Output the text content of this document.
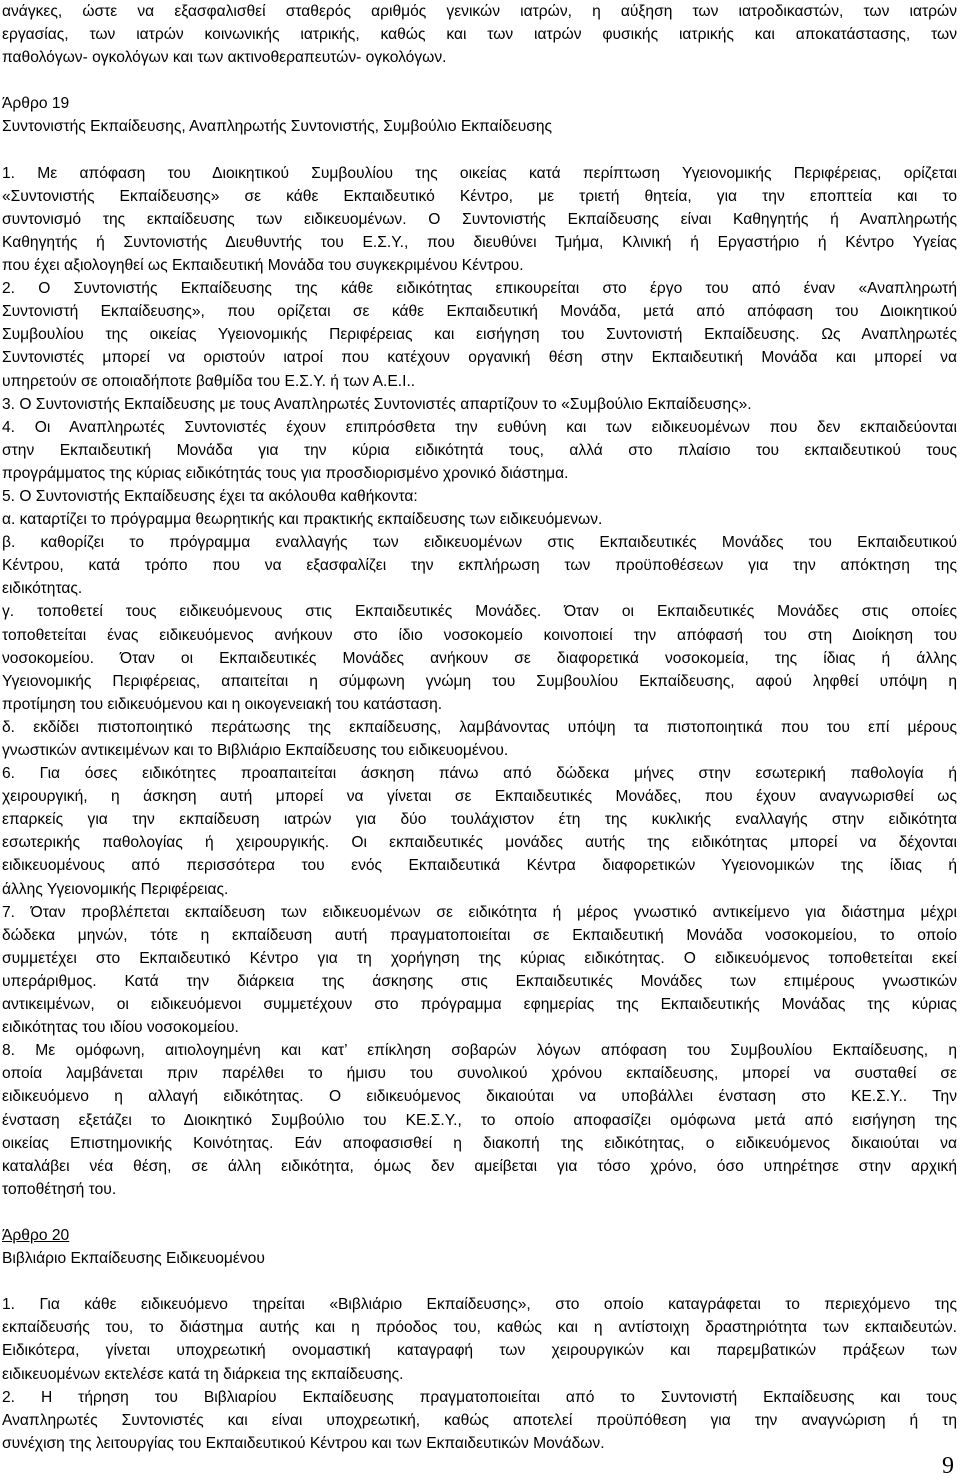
ανάγκες, ώστε να εξασφαλισθεί σταθερός αριθμός γενικών ιατρών, η αύξηση των ιατροδικαστών, των ιατρών
εργασίας, των ιατρών κοινωνικής ιατρικής, καθώς και των ιατρών φυσικής ιατρικής και αποκατάστασης, των
παθολόγων- ογκολόγων και των ακτινοθεραπευτών- ογκολόγων.
Άρθρο 19
Συντονιστής Εκπαίδευσης, Αναπληρωτής Συντονιστής, Συμβούλιο Εκπαίδευσης
1. Με απόφαση του Διοικητικού Συμβουλίου της οικείας κατά περίπτωση Υγειονομικής Περιφέρειας, ορίζεται
«Συντονιστής Εκπαίδευσης» σε κάθε Εκπαιδευτικό Κέντρο, με τριετή θητεία, για την εποπτεία και το
συντονισμό της εκπαίδευσης των ειδικευομένων. Ο Συντονιστής Εκπαίδευσης είναι Καθηγητής ή Αναπληρωτής
Καθηγητής ή Συντονιστής Διευθυντής του Ε.Σ.Υ., που διευθύνει Τμήμα, Κλινική ή Εργαστήριο ή Κέντρο Υγείας
που έχει αξιολογηθεί ως Εκπαιδευτική Μονάδα του συγκεκριμένου Κέντρου.
2. Ο Συντονιστής Εκπαίδευσης της κάθε ειδικότητας επικουρείται στο έργο του από έναν «Αναπληρωτή
Συντονιστή Εκπαίδευσης», που ορίζεται σε κάθε Εκπαιδευτική Μονάδα, μετά από απόφαση του Διοικητικού
Συμβουλίου της οικείας Υγειονομικής Περιφέρειας και εισήγηση του Συντονιστή Εκπαίδευσης. Ως Αναπληρωτές
Συντονιστές μπορεί να οριστούν ιατροί που κατέχουν οργανική θέση στην Εκπαιδευτική Μονάδα και μπορεί να
υπηρετούν σε οποιαδήποτε βαθμίδα του Ε.Σ.Υ. ή των Α.Ε.Ι..
3. Ο Συντονιστής Εκπαίδευσης με τους Αναπληρωτές Συντονιστές απαρτίζουν το «Συμβούλιο Εκπαίδευσης».
4. Οι Αναπληρωτές Συντονιστές έχουν επιπρόσθετα την ευθύνη και των ειδικευομένων που δεν εκπαιδεύονται
στην Εκπαιδευτική Μονάδα για την κύρια ειδικότητά τους, αλλά στο πλαίσιο του εκπαιδευτικού τους
προγράμματος της κύριας ειδικότητάς τους για προσδιορισμένο χρονικό διάστημα.
5. Ο Συντονιστής Εκπαίδευσης έχει τα ακόλουθα καθήκοντα:
α. καταρτίζει το πρόγραμμα θεωρητικής και πρακτικής εκπαίδευσης των ειδικευόμενων.
β. καθορίζει το πρόγραμμα εναλλαγής των ειδικευομένων στις Εκπαιδευτικές Μονάδες του Εκπαιδευτικού
Κέντρου, κατά τρόπο που να εξασφαλίζει την εκπλήρωση των προϋποθέσεων για την απόκτηση της
ειδικότητας.
γ. τοποθετεί τους ειδικευόμενους στις Εκπαιδευτικές Μονάδες. Όταν οι Εκπαιδευτικές Μονάδες στις οποίες
τοποθετείται ένας ειδικευόμενος ανήκουν στο ίδιο νοσοκομείο κοινοποιεί την απόφασή του στη Διοίκηση του
νοσοκομείου. Όταν οι Εκπαιδευτικές Μονάδες ανήκουν σε διαφορετικά νοσοκομεία, της ίδιας ή άλλης
Υγειονομικής Περιφέρειας, απαιτείται η σύμφωνη γνώμη του Συμβουλίου Εκπαίδευσης, αφού ληφθεί υπόψη η
προτίμηση του ειδικευόμενου και η οικογενειακή του κατάσταση.
δ. εκδίδει πιστοποιητικό περάτωσης της εκπαίδευσης, λαμβάνοντας υπόψη τα πιστοποιητικά που του επί μέρους
γνωστικών αντικειμένων και το Βιβλιάριο Εκπαίδευσης του ειδικευομένου.
6. Για όσες ειδικότητες προαπαιτείται άσκηση πάνω από δώδεκα μήνες στην εσωτερική παθολογία ή
χειρουργική, η άσκηση αυτή μπορεί να γίνεται σε Εκπαιδευτικές Μονάδες, που έχουν αναγνωρισθεί ως
επαρκείς για την εκπαίδευση ιατρών για δύο τουλάχιστον έτη της κυκλικής εναλλαγής στην ειδικότητα
εσωτερικής παθολογίας ή χειρουργικής. Οι εκπαιδευτικές μονάδες αυτής της ειδικότητας μπορεί να δέχονται
ειδικευομένους από περισσότερα του ενός Εκπαιδευτικά Κέντρα διαφορετικών Υγειονομικών της ίδιας ή
άλλης Υγειονομικής Περιφέρειας.
7. Όταν προβλέπεται εκπαίδευση των ειδικευομένων σε ειδικότητα ή μέρος γνωστικό αντικείμενο για διάστημα μέχρι
δώδεκα μηνών, τότε η εκπαίδευση αυτή πραγματοποιείται σε Εκπαιδευτική Μονάδα νοσοκομείου, το οποίο
συμμετέχει στο Εκπαιδευτικό Κέντρο για τη χορήγηση της κύριας ειδικότητας. Ο ειδικευόμενος τοποθετείται εκεί
υπεράριθμος. Κατά την διάρκεια της άσκησης στις Εκπαιδευτικές Μονάδες των επιμέρους γνωστικών
αντικειμένων, οι ειδικευόμενοι συμμετέχουν στο πρόγραμμα εφημερίας της Εκπαιδευτικής Μονάδας της κύριας
ειδικότητας του ιδίου νοσοκομείου.
8. Με ομόφωνη, αιτιολογημένη και κατ’ επίκληση σοβαρών λόγων απόφαση του Συμβουλίου Εκπαίδευσης, η
οποία λαμβάνεται πριν παρέλθει το ήμισυ του συνολικού χρόνου εκπαίδευσης, μπορεί να συσταθεί σε
ειδικευόμενο η αλλαγή ειδικότητας. Ο ειδικευόμενος δικαιούται να υποβάλλει ένσταση στο ΚΕ.Σ.Υ.. Την
ένσταση εξετάζει το Διοικητικό Συμβούλιο του ΚΕ.Σ.Υ., το οποίο αποφασίζει ομόφωνα μετά από εισήγηση της
οικείας Επιστημονικής Κοινότητας. Εάν αποφασισθεί η διακοπή της ειδικότητας, ο ειδικευόμενος δικαιούται να
καταλάβει νέα θέση, σε άλλη ειδικότητα, όμως δεν αμείβεται για τόσο χρόνο, όσο υπηρέτησε στην αρχική
τοποθέτησή του.
Άρθρο 20
Βιβλιάριο Εκπαίδευσης Ειδικευομένου
1. Για κάθε ειδικευόμενο τηρείται «Βιβλιάριο Εκπαίδευσης», στο οποίο καταγράφεται το περιεχόμενο της
εκπαίδευσής του, το διάστημα αυτής και η πρόοδος του, καθώς και η αντίστοιχη δραστηριότητα των εκπαιδευτών.
Ειδικότερα, γίνεται υποχρεωτική ονομαστική καταγραφή των χειρουργικών και παρεμβατικών πράξεων των
ειδικευομένων εκτελέσε κατά τη διάρκεια της εκπαίδευσης.
2. Η τήρηση του Βιβλιαρίου Εκπαίδευσης πραγματοποιείται από το Συντονιστή Εκπαίδευσης και τους
Αναπληρωτές Συντονιστές και είναι υποχρεωτική, καθώς αποτελεί προϋπόθεση για την αναγνώριση ή τη
συνέχιση της λειτουργίας του Εκπαιδευτικού Κέντρου και των Εκπαιδευτικών Μονάδων.
9
